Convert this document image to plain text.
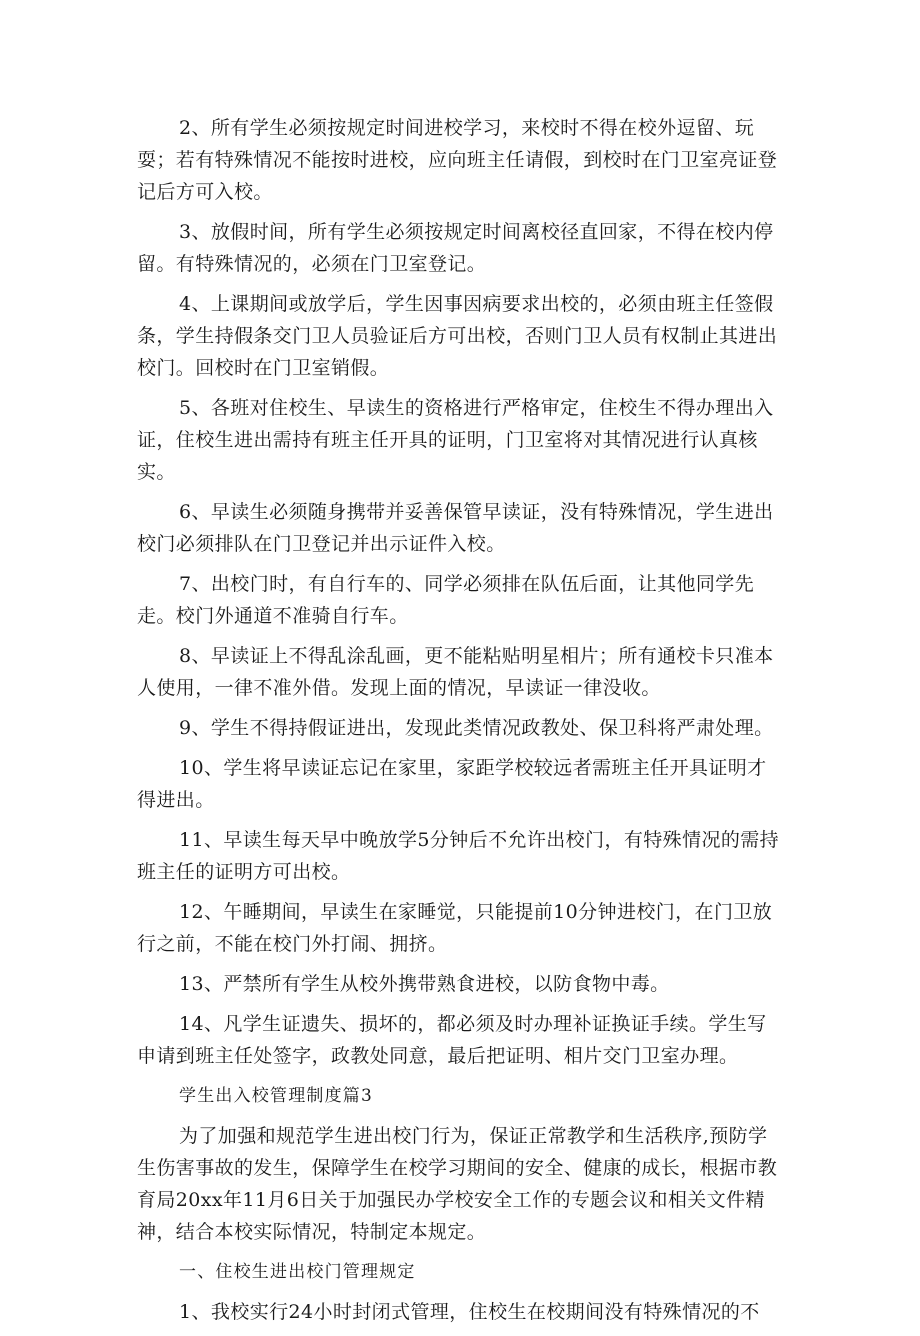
2、所有学生必须按规定时间进校学习，来校时不得在校外逗留、玩耍；若有特殊情况不能按时进校，应向班主任请假，到校时在门卫室亮证登记后方可入校。

3、放假时间，所有学生必须按规定时间离校径直回家，不得在校内停留。有特殊情况的，必须在门卫室登记。

4、上课期间或放学后，学生因事因病要求出校的，必须由班主任签假条，学生持假条交门卫人员验证后方可出校，否则门卫人员有权制止其进出校门。回校时在门卫室销假。

5、各班对住校生、早读生的资格进行严格审定，住校生不得办理出入证，住校生进出需持有班主任开具的证明，门卫室将对其情况进行认真核实。

6、早读生必须随身携带并妥善保管早读证，没有特殊情况，学生进出校门必须排队在门卫登记并出示证件入校。

7、出校门时，有自行车的、同学必须排在队伍后面，让其他同学先走。校门外通道不准骑自行车。

8、早读证上不得乱涂乱画，更不能粘贴明星相片；所有通校卡只准本人使用，一律不准外借。发现上面的情况，早读证一律没收。

9、学生不得持假证进出，发现此类情况政教处、保卫科将严肃处理。

10、学生将早读证忘记在家里，家距学校较远者需班主任开具证明才得进出。

11、早读生每天早中晚放学5分钟后不允许出校门，有特殊情况的需持班主任的证明方可出校。

12、午睡期间，早读生在家睡觉，只能提前10分钟进校门，在门卫放行之前，不能在校门外打闹、拥挤。

13、严禁所有学生从校外携带熟食进校，以防食物中毒。

14、凡学生证遗失、损坏的，都必须及时办理补证换证手续。学生写申请到班主任处签字，政教处同意，最后把证明、相片交门卫室办理。

学生出入校管理制度篇3

为了加强和规范学生进出校门行为，保证正常教学和生活秩序,预防学生伤害事故的发生，保障学生在校学习期间的安全、健康的成长，根据市教育局20xx年11月6日关于加强民办学校安全工作的专题会议和相关文件精神，结合本校实际情况，特制定本规定。

一、住校生进出校门管理规定

1、我校实行24小时封闭式管理，住校生在校期间没有特殊情况的不
